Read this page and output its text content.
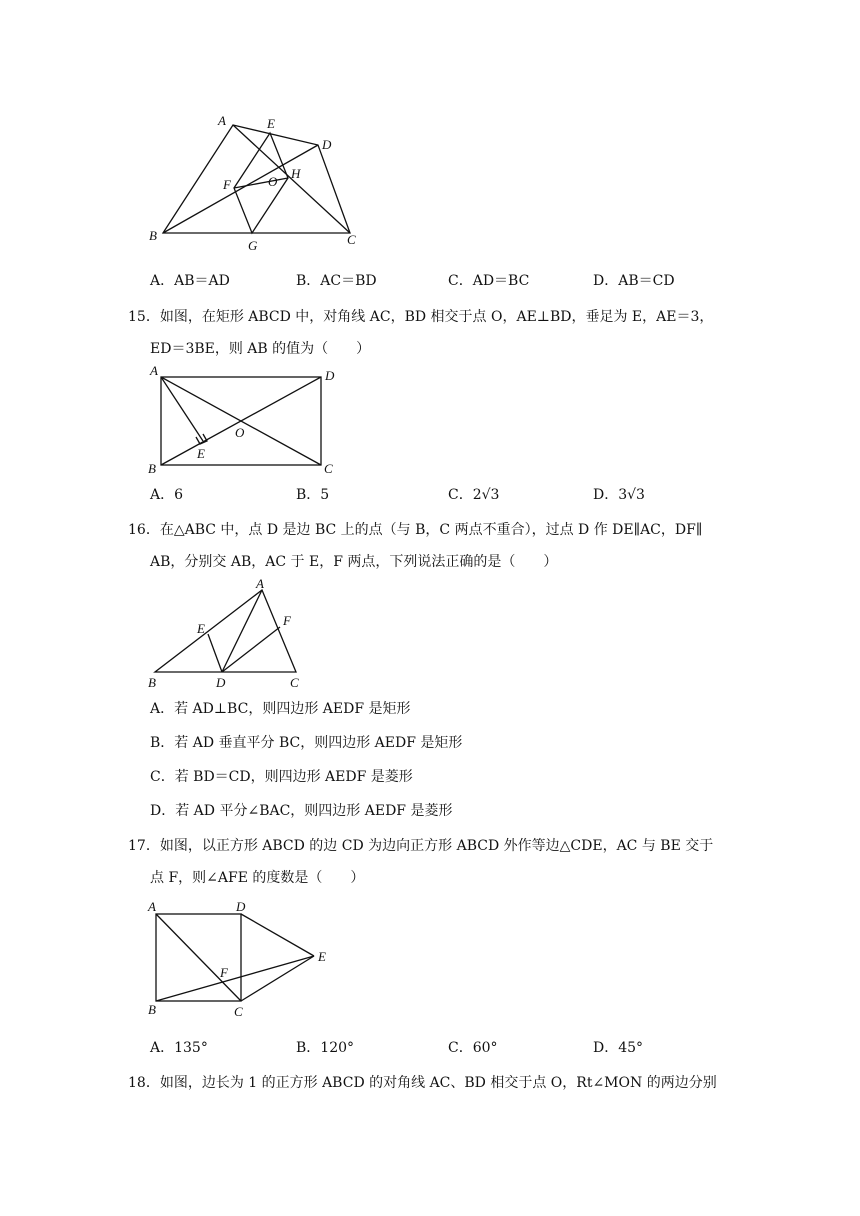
A	E
D
F	O
H
B
G	C
A．AB＝AD	B．AC＝BD	C．AD＝BC	D．AB＝CD
15．如图，在矩形 ABCD 中，对角线 AC，BD 相交于点 O，AE⊥BD，垂足为 E，AE＝3，
ED＝3BE，则 AB 的值为（　　）
A	D
O
E
B	C
A．6	B．5	C．2√3	D．3√3
16．在△ABC 中，点 D 是边 BC 上的点（与 B，C 两点不重合），过点 D 作 DE∥AC，DF∥
AB，分别交 AB，AC 于 E，F 两点，下列说法正确的是（　　）
A
E
F
B	D	C
A．若 AD⊥BC，则四边形 AEDF 是矩形
B．若 AD 垂直平分 BC，则四边形 AEDF 是矩形
C．若 BD＝CD，则四边形 AEDF 是菱形
D．若 AD 平分∠BAC，则四边形 AEDF 是菱形
17．如图，以正方形 ABCD 的边 CD 为边向正方形 ABCD 外作等边△CDE，AC 与 BE 交于
点 F，则∠AFE 的度数是（　　）
A	D
E
F
B	C
A．135°	B．120°	C．60°	D．45°
18．如图，边长为 1 的正方形 ABCD 的对角线 AC、BD 相交于点 O，Rt∠MON 的两边分别
